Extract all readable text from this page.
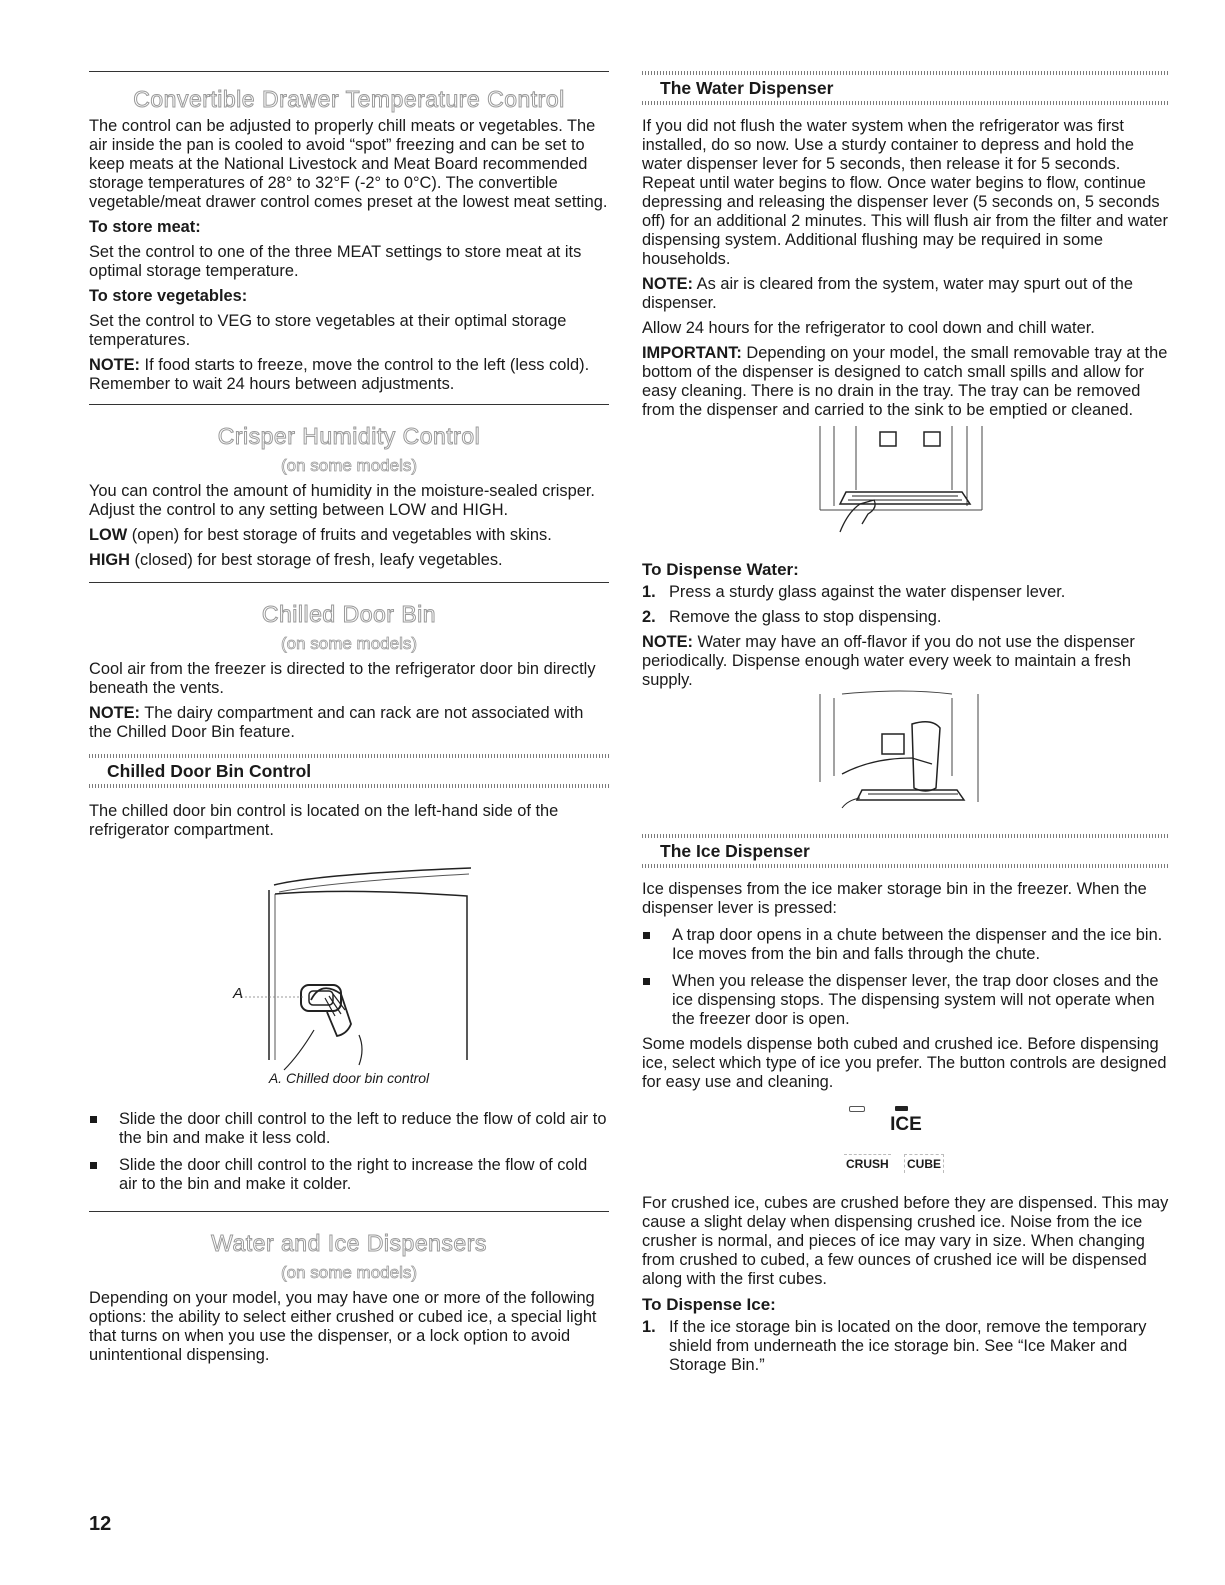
Convertible Drawer Temperature Control

The control can be adjusted to properly chill meats or vegetables. The air inside the pan is cooled to avoid “spot” freezing and can be set to keep meats at the National Livestock and Meat Board recommended storage temperatures of 28° to 32°F (-2° to 0°C). The convertible vegetable/meat drawer control comes preset at the lowest meat setting.

To store meat:

Set the control to one of the three MEAT settings to store meat at its optimal storage temperature.

To store vegetables:

Set the control to VEG to store vegetables at their optimal storage temperatures.

NOTE: If food starts to freeze, move the control to the left (less cold). Remember to wait 24 hours between adjustments.

Crisper Humidity Control
(on some models)

You can control the amount of humidity in the moisture-sealed crisper. Adjust the control to any setting between LOW and HIGH.

LOW (open) for best storage of fruits and vegetables with skins.

HIGH (closed) for best storage of fresh, leafy vegetables.

Chilled Door Bin
(on some models)

Cool air from the freezer is directed to the refrigerator door bin directly beneath the vents.

NOTE: The dairy compartment and can rack are not associated with the Chilled Door Bin feature.

Chilled Door Bin Control

The chilled door bin control is located on the left-hand side of the refrigerator compartment.

A
A. Chilled door bin control

Slide the door chill control to the left to reduce the flow of cold air to the bin and make it less cold.

Slide the door chill control to the right to increase the flow of cold air to the bin and make it colder.

Water and Ice Dispensers
(on some models)

Depending on your model, you may have one or more of the following options: the ability to select either crushed or cubed ice, a special light that turns on when you use the dispenser, or a lock option to avoid unintentional dispensing.

The Water Dispenser

If you did not flush the water system when the refrigerator was first installed, do so now. Use a sturdy container to depress and hold the water dispenser lever for 5 seconds, then release it for 5 seconds. Repeat until water begins to flow. Once water begins to flow, continue depressing and releasing the dispenser lever (5 seconds on, 5 seconds off) for an additional 2 minutes. This will flush air from the filter and water dispensing system. Additional flushing may be required in some households.

NOTE: As air is cleared from the system, water may spurt out of the dispenser.

Allow 24 hours for the refrigerator to cool down and chill water.

IMPORTANT: Depending on your model, the small removable tray at the bottom of the dispenser is designed to catch small spills and allow for easy cleaning. There is no drain in the tray. The tray can be removed from the dispenser and carried to the sink to be emptied or cleaned.

To Dispense Water:

1. Press a sturdy glass against the water dispenser lever.

2. Remove the glass to stop dispensing.

NOTE: Water may have an off-flavor if you do not use the dispenser periodically. Dispense enough water every week to maintain a fresh supply.

The Ice Dispenser

Ice dispenses from the ice maker storage bin in the freezer. When the dispenser lever is pressed:

A trap door opens in a chute between the dispenser and the ice bin. Ice moves from the bin and falls through the chute.

When you release the dispenser lever, the trap door closes and the ice dispensing stops. The dispensing system will not operate when the freezer door is open.

Some models dispense both cubed and crushed ice. Before dispensing ice, select which type of ice you prefer. The button controls are designed for easy use and cleaning.

ICE
CRUSH CUBE

For crushed ice, cubes are crushed before they are dispensed. This may cause a slight delay when dispensing crushed ice. Noise from the ice crusher is normal, and pieces of ice may vary in size. When changing from crushed to cubed, a few ounces of crushed ice will be dispensed along with the first cubes.

To Dispense Ice:

1. If the ice storage bin is located on the door, remove the temporary shield from underneath the ice storage bin. See “Ice Maker and Storage Bin.”

12
